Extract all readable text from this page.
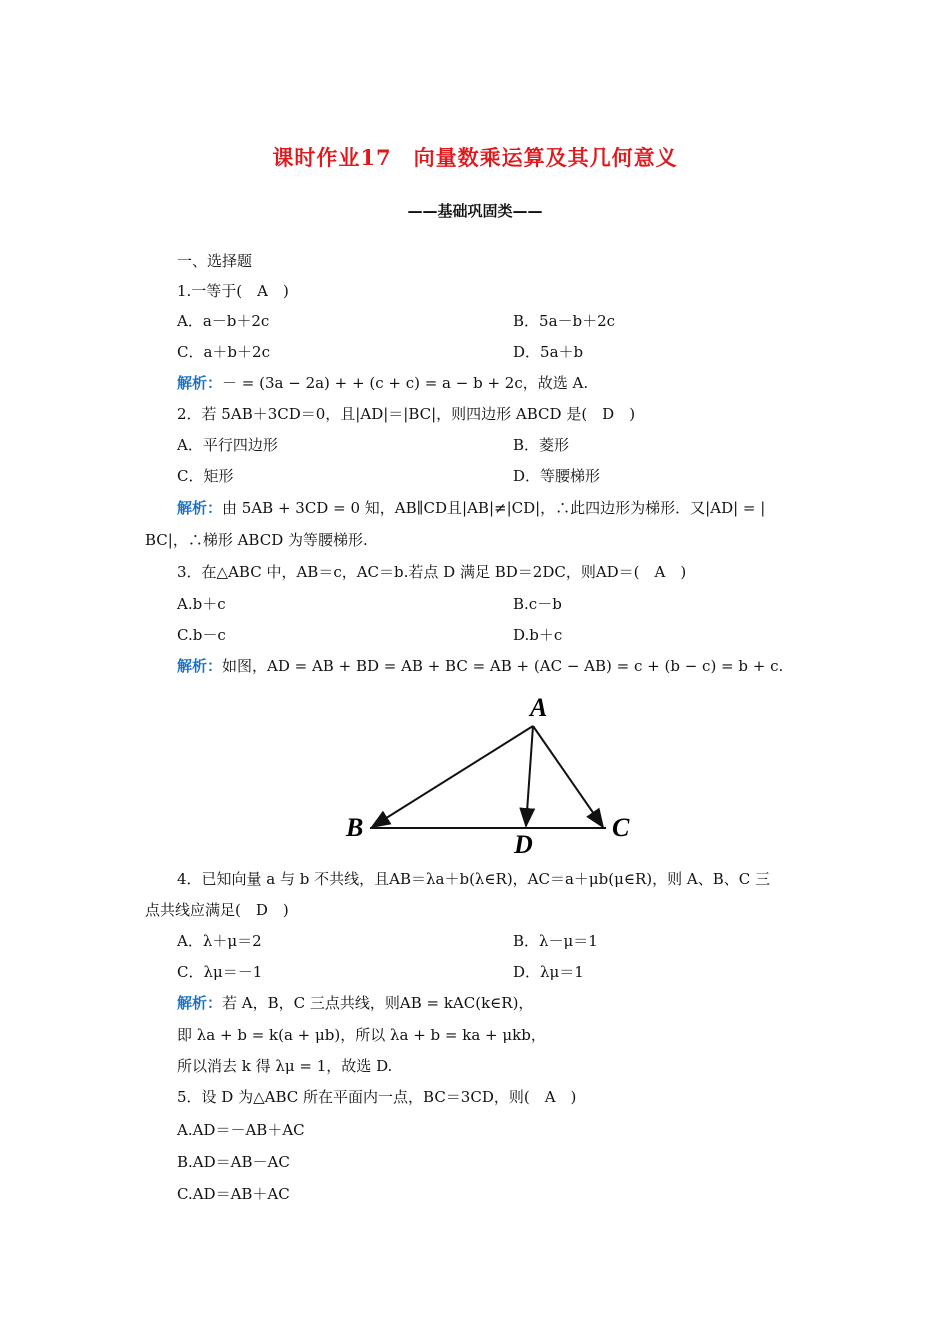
课时作业17　向量数乘运算及其几何意义
——基础巩固类——
一、选择题
1.一等于(　A　)
A．a－b＋2c	B．5a－b＋2c
C．a＋b＋2c	D．5a＋b
解析：－ = (3a − 2a) + + (c + c) = a − b + 2c，故选 A.
2．若 5AB＋3CD＝0，且|AD|＝|BC|，则四边形 ABCD 是(　D　)
A．平行四边形	B．菱形
C．矩形	D．等腰梯形
解析：由 5AB + 3CD = 0 知，AB∥CD且|AB|≠|CD|，∴此四边形为梯形．又|AD| = |
BC|，∴梯形 ABCD 为等腰梯形.
3．在△ABC 中，AB＝c，AC＝b.若点 D 满足 BD＝2DC，则AD＝(　A　)
A.b＋c	B.c－b
C.b－c	D.b＋c
解析：如图，AD = AB + BD = AB + BC = AB + (AC − AB) = c + (b − c) = b + c.
A
B	C
D
4．已知向量 a 与 b 不共线，且AB＝λa＋b(λ∈R)，AC＝a＋μb(μ∈R)，则 A、B、C 三
点共线应满足(　D　)
A．λ＋μ＝2	B．λ－μ＝1
C．λμ＝－1	D．λμ＝1
解析：若 A，B，C 三点共线，则AB = kAC(k∈R)，
即 λa + b = k(a + μb)，所以 λa + b = ka + μkb，
所以消去 k 得 λμ = 1，故选 D.
5．设 D 为△ABC 所在平面内一点，BC＝3CD，则(　A　)
A.AD＝－AB＋AC
B.AD＝AB－AC
C.AD＝AB＋AC
